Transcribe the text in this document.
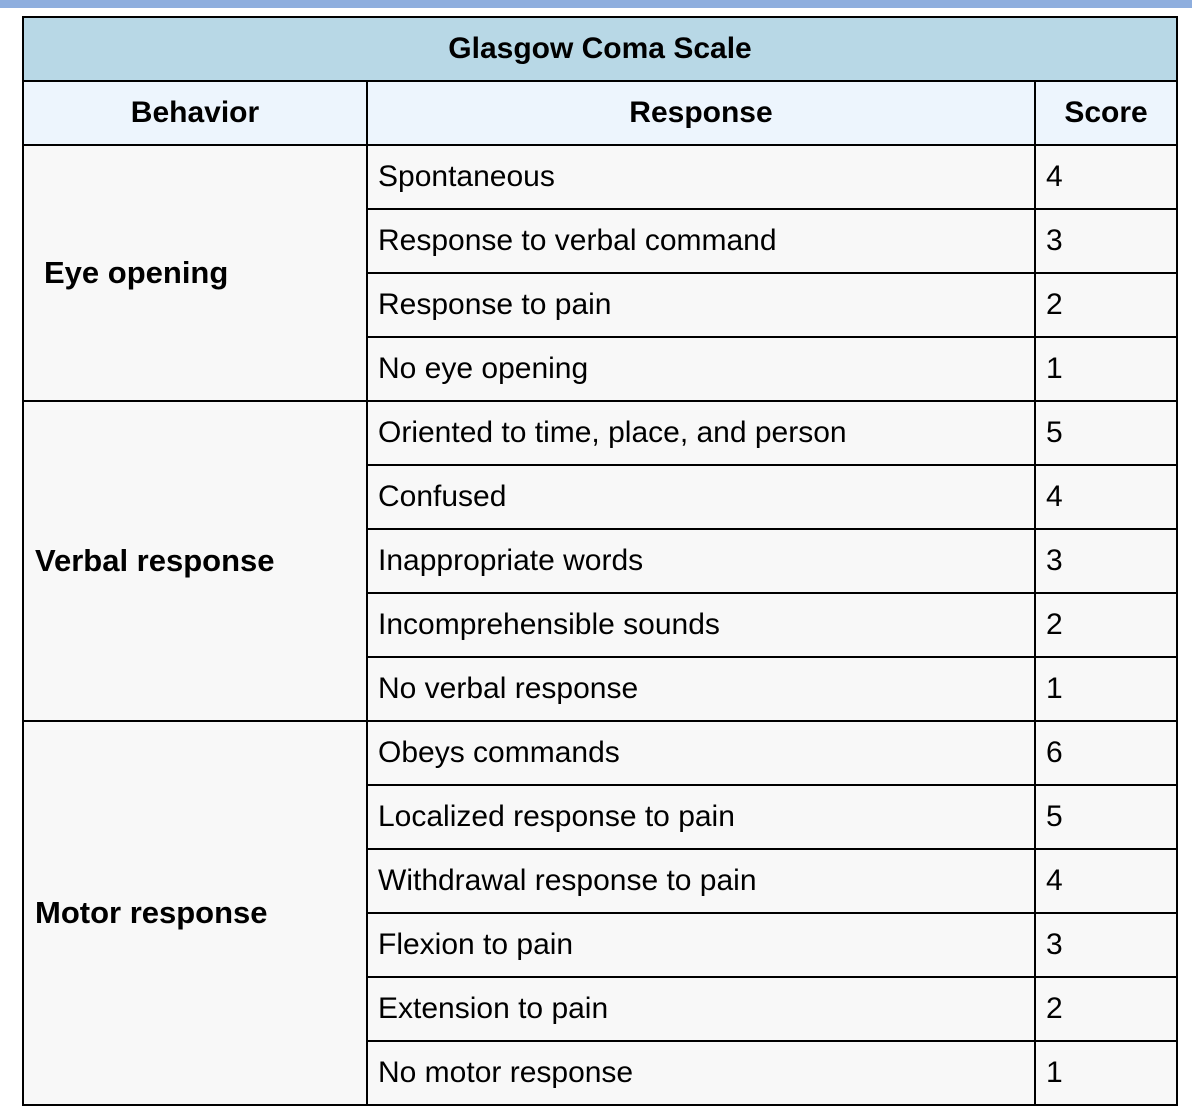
Glasgow Coma Scale		
Behavior	Response	Score
Eye opening	Spontaneous	4
	Response to verbal command	3
	Response to pain	2
	No eye opening	1
Verbal response	Oriented to time, place, and person	5
	Confused	4
	Inappropriate words	3
	Incomprehensible sounds	2
	No verbal response	1
Motor response	Obeys commands	6
	Localized response to pain	5
	Withdrawal response to pain	4
	Flexion to pain	3
	Extension to pain	2
	No motor response	1
